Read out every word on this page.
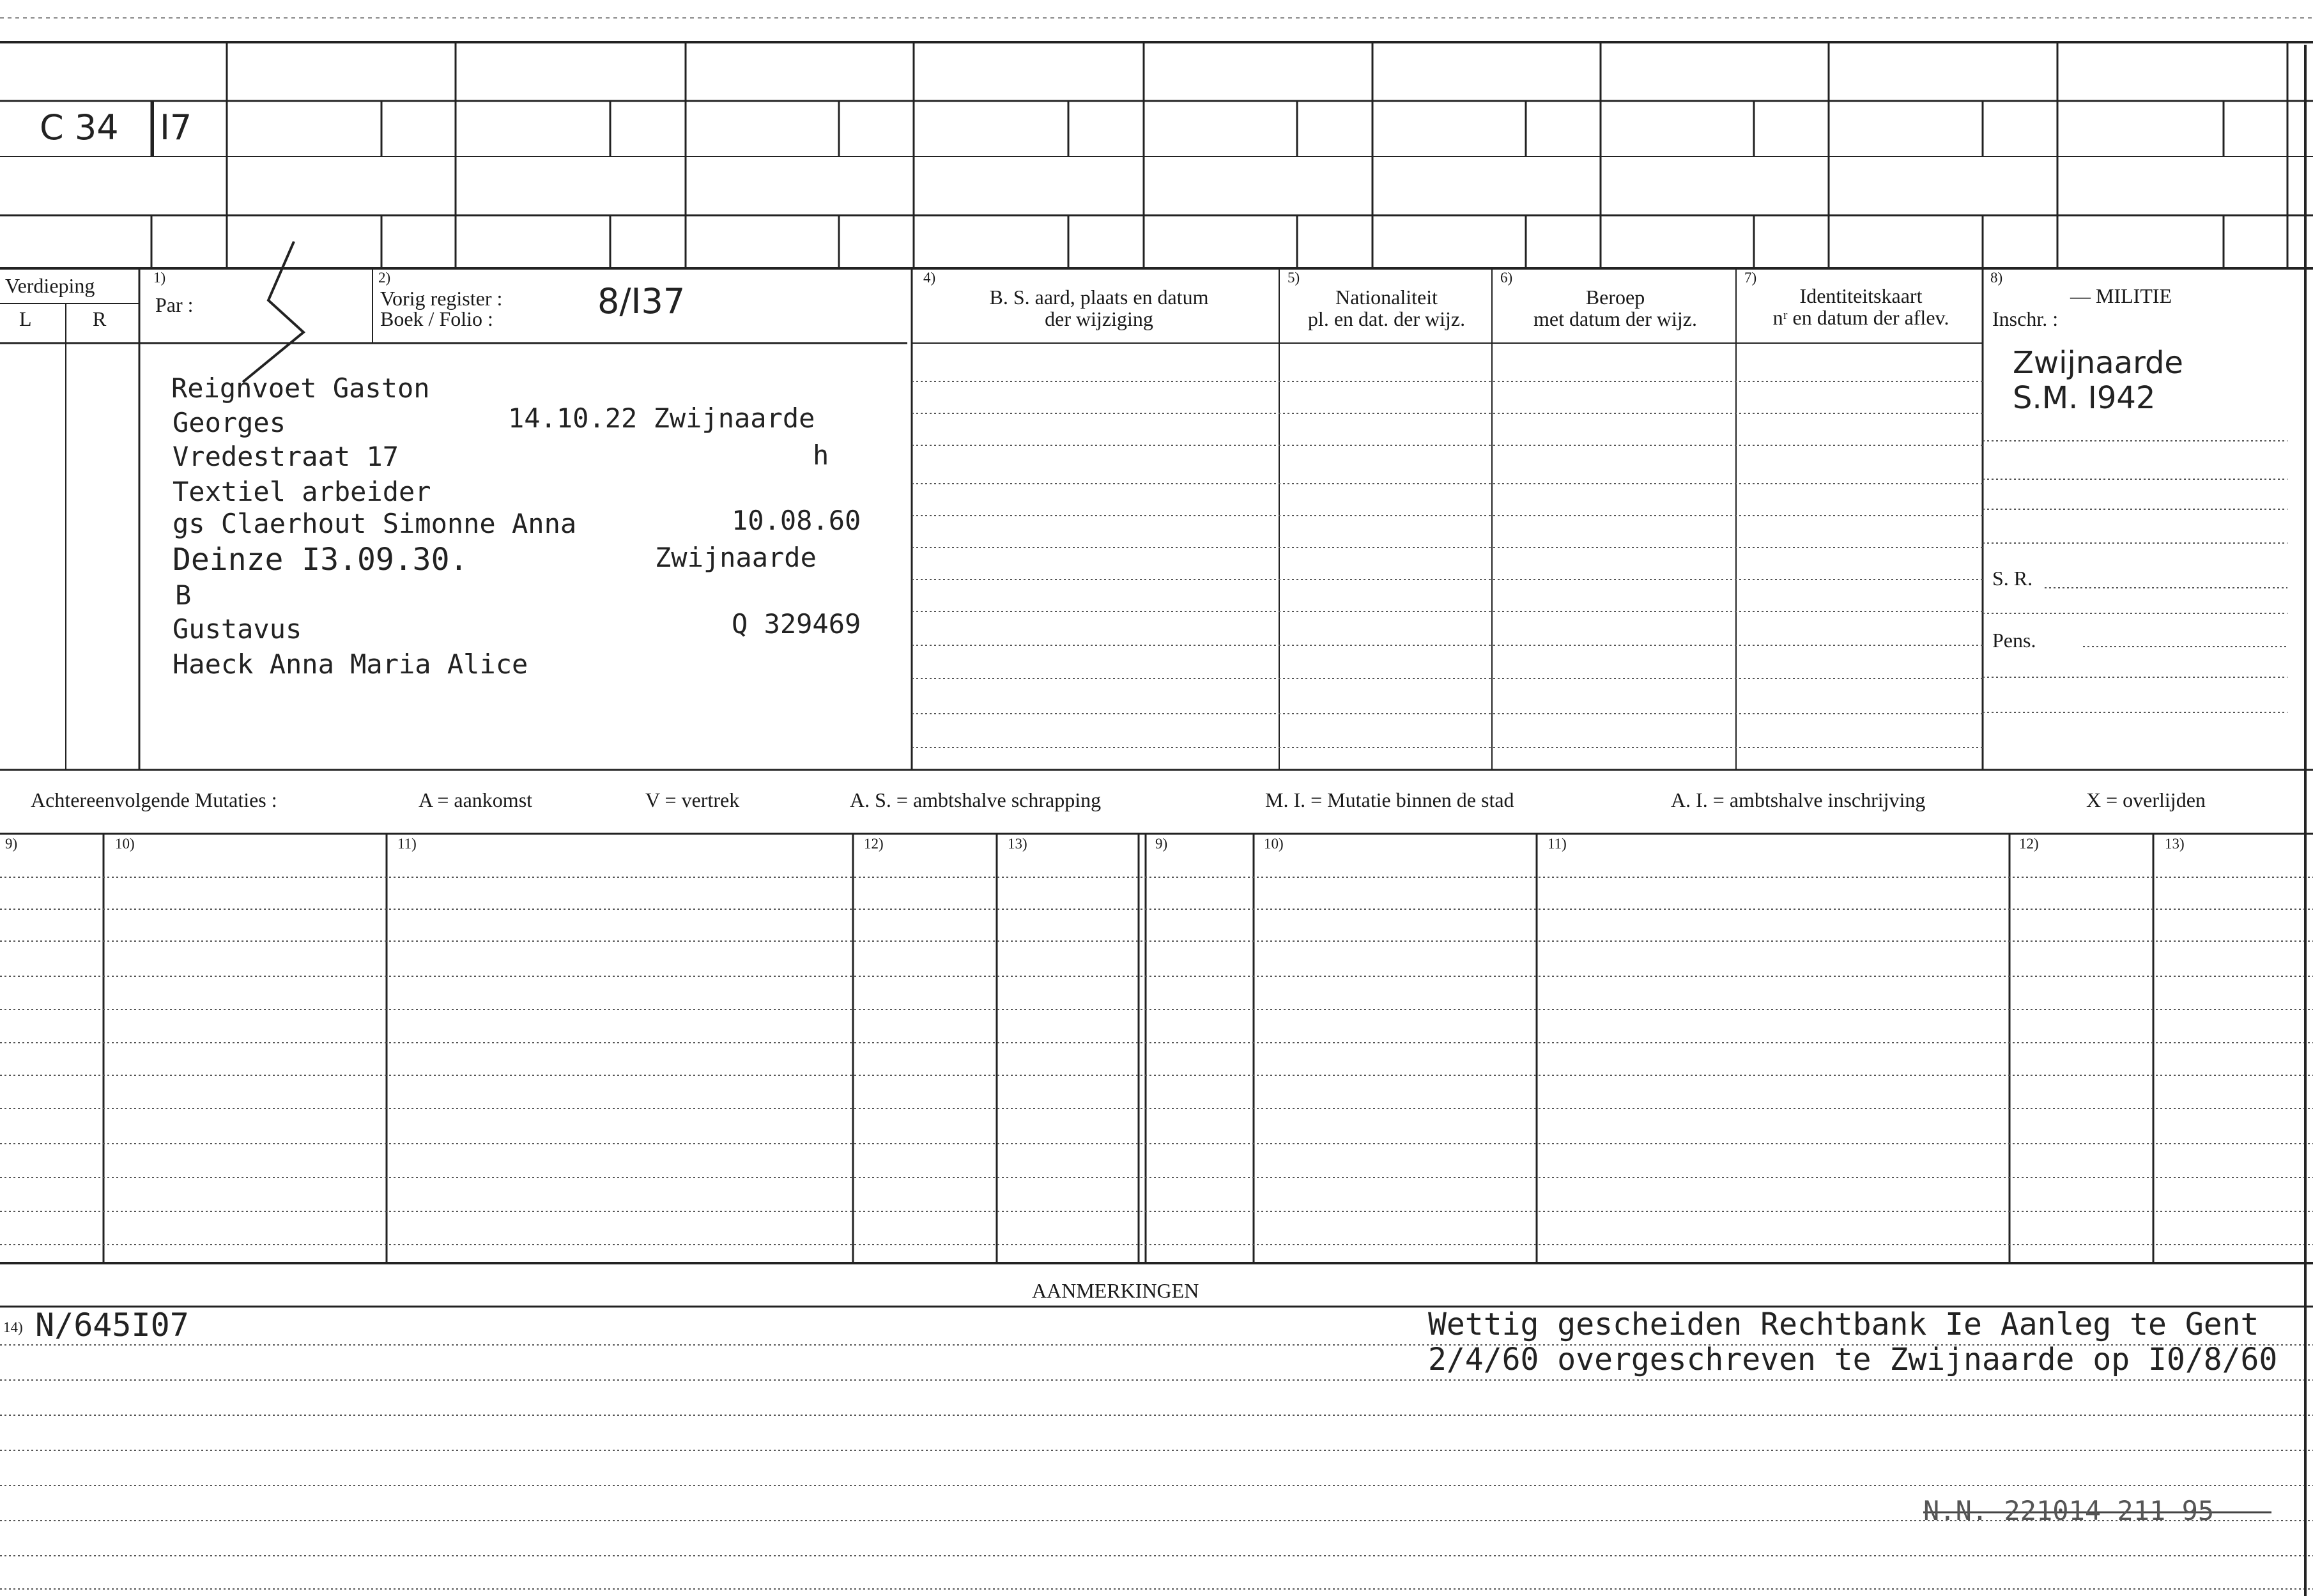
C 34 I7
Verdieping
L	R
1)
Par :
2)
Vorig register :
Boek / Folio :	8/I37
4)
B. S. aard, plaats en datum
der wijziging
5)
Nationaliteit
pl. en dat. der wijz.
6)
Beroep
met datum der wijz.
7)
Identiteitskaart
nʳ en datum der aflev.
8)
— MILITIE
Inschr. :
Zwijnaarde
S.M. I942
S. R.
Pens.
Reignvoet Gaston
Georges	14.10.22 Zwijnaarde
Vredestraat 17	h
Textiel arbeider
gs Claerhout Simonne Anna	10.08.60
Deinze I3.09.30.	Zwijnaarde
B
Gustavus	Q 329469
Haeck Anna Maria Alice
Achtereenvolgende Mutaties :	A = aankomst	V = vertrek	A. S. = ambtshalve schrapping	M. I. = Mutatie binnen de stad	A. I. = ambtshalve inschrijving	X = overlijden
9)	10)	11)	12)	13)	9)	10)	11)	12)	13)
AANMERKINGEN
14) N/645I07	Wettig gescheiden Rechtbank Ie Aanleg te Gent
2/4/60 overgeschreven te Zwijnaarde op I0/8/60
N.N. 221014 211 95
